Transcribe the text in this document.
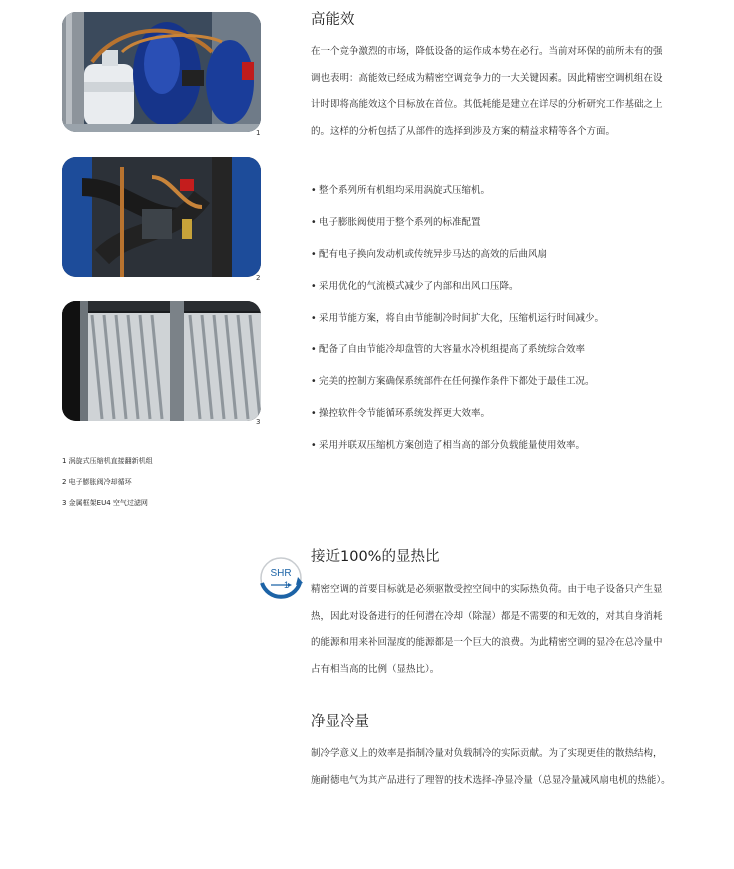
1
2
3
1 涡旋式压缩机直接翻新机组
2 电子膨胀阀冷却循环
3 金属框架EU4 空气过滤网
高能效

在一个竞争激烈的市场，降低设备的运作成本势在必行。当前对环保的前所未有的强调也表明：高能效已经成为精密空调竞争力的一大关键因素。因此精密空调机组在设计时即将高能效这个目标放在首位。其低耗能是建立在详尽的分析研究工作基础之上的。这样的分析包括了从部件的选择到涉及方案的精益求精等各个方面。

• 整个系列所有机组均采用涡旋式压缩机。
• 电子膨胀阀使用于整个系列的标准配置
• 配有电子换向发动机或传统异步马达的高效的后曲风扇
• 采用优化的气流模式减少了内部和出风口压降。
• 采用节能方案，将自由节能制冷时间扩大化，压缩机运行时间减少。
• 配备了自由节能冷却盘管的大容量水冷机组提高了系统综合效率
• 完美的控制方案确保系统部件在任何操作条件下都处于最佳工况。
• 操控软件令节能循环系统发挥更大效率。
• 采用并联双压缩机方案创造了相当高的部分负载能量使用效率。
SHR
1
接近100%的显热比

精密空调的首要目标就是必须驱散受控空间中的实际热负荷。由于电子设备只产生显热，因此对设备进行的任何潜在冷却（除湿）都是不需要的和无效的，对其自身消耗的能源和用来补回湿度的能源都是一个巨大的浪费。为此精密空调的显冷在总冷量中占有相当高的比例（显热比）。

净显冷量

制冷学意义上的效率是指制冷量对负载制冷的实际贡献。为了实现更佳的散热结构，施耐德电气为其产品进行了理智的技术选择-净显冷量（总显冷量减风扇电机的热能）。
